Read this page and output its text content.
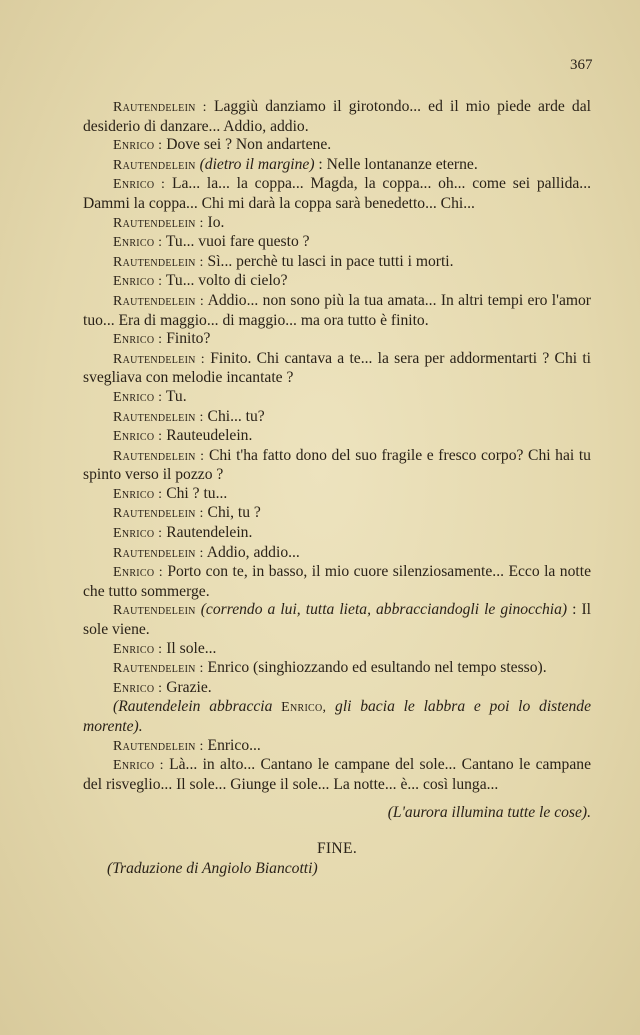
367

Rautendelein : Laggiù danziamo il girotondo... ed il mio piede arde dal desiderio di danzare... Addio, addio.

Enrico : Dove sei ? Non andartene.

Rautendelein (dietro il margine) : Nelle lontananze eterne.

Enrico : La... la... la coppa... Magda, la coppa... oh... come sei pallida... Dammi la coppa... Chi mi darà la coppa sarà benedetto... Chi...

Rautendelein : Io.

Enrico : Tu... vuoi fare questo ?

Rautendelein : Sì... perchè tu lasci in pace tutti i morti.

Enrico : Tu... volto di cielo?

Rautendelein : Addio... non sono più la tua amata... In altri tempi ero l'amor tuo... Era di maggio... di maggio... ma ora tutto è finito.

Enrico : Finito?

Rautendelein : Finito. Chi cantava a te... la sera per addormentarti ? Chi ti svegliava con melodie incantate ?

Enrico : Tu.

Rautendelein : Chi... tu?

Enrico : Rauteudelein.

Rautendelein : Chi t'ha fatto dono del suo fragile e fresco corpo? Chi hai tu spinto verso il pozzo ?

Enrico : Chi ? tu...

Rautendelein : Chi, tu ?

Enrico : Rautendelein.

Rautendelein : Addio, addio...

Enrico : Porto con te, in basso, il mio cuore silenziosamente... Ecco la notte che tutto sommerge.

Rautendelein (correndo a lui, tutta lieta, abbracciandogli le ginocchia) : Il sole viene.

Enrico : Il sole...

Rautendelein : Enrico (singhiozzando ed esultando nel tempo stesso).

Enrico : Grazie.

(Rautendelein abbraccia Enrico, gli bacia le labbra e poi lo distende morente).

Rautendelein : Enrico...

Enrico : Là... in alto... Cantano le campane del sole... Cantano le campane del risveglio... Il sole... Giunge il sole... La notte... è... così lunga...

(L'aurora illumina tutte le cose).

FINE.

(Traduzione di Angiolo Biancotti)
